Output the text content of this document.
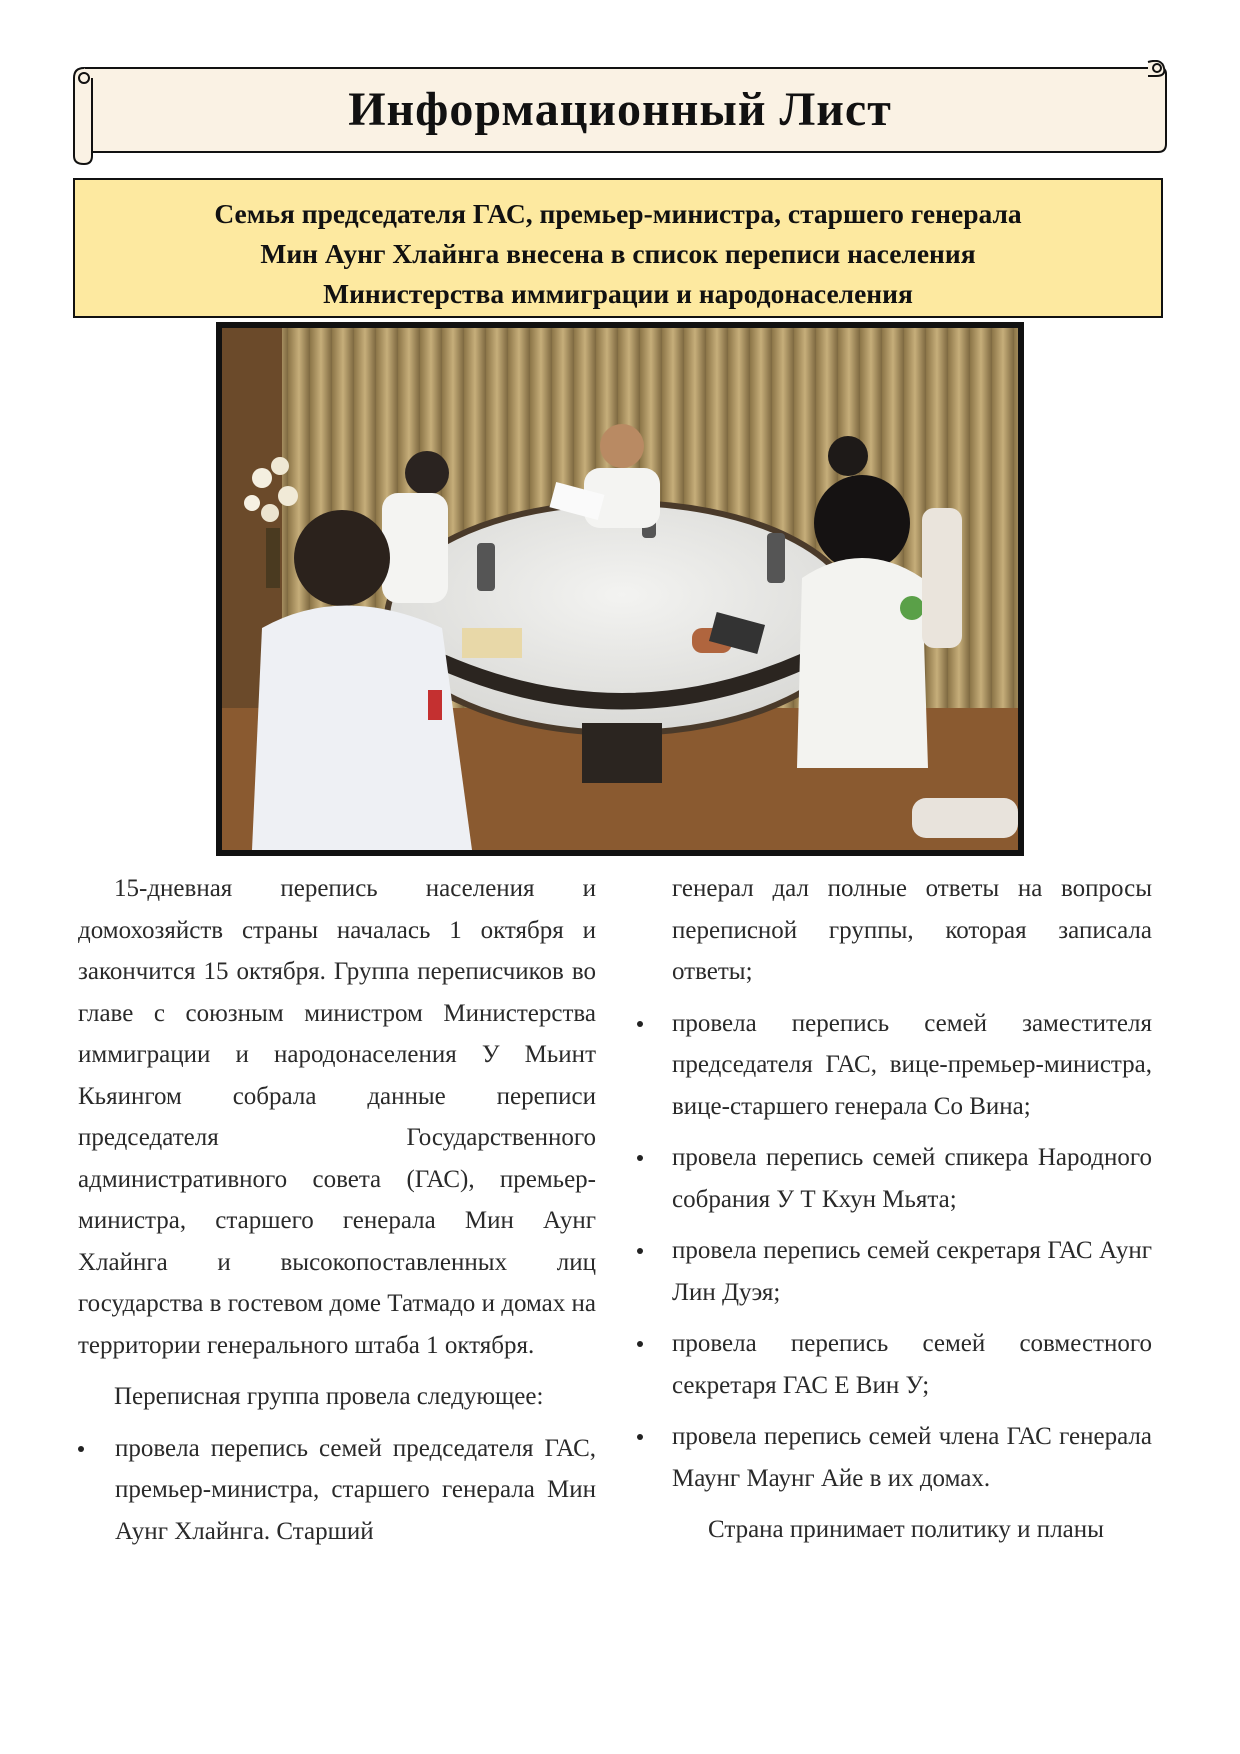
Информационный Лист
Семья председателя ГАС, премьер-министра, старшего генерала
Мин Аунг Хлайнга внесена в список переписи населения
Министерства иммиграции и народонаселения

15-дневная перепись населения и домохозяйств страны началась 1 октября и закончится 15 октября. Группа переписчиков во главе с союзным министром Министерства иммиграции и народонаселения У Мьинт Кьяингом собрала данные переписи председателя Государственного административного совета (ГАС), премьер-министра, старшего генерала Мин Аунг Хлайнга и высокопоставленных лиц государства в гостевом доме Татмадо и домах на территории генерального штаба 1 октября.

Переписная группа провела следующее:

провела перепись семей председателя ГАС, премьер-министра, старшего генерала Мин Аунг Хлайнга. Старший

генерал дал полные ответы на вопросы переписной группы, которая записала ответы;

провела перепись семей заместителя председателя ГАС, вице-премьер-министра, вице-старшего генерала Со Вина;
провела перепись семей спикера Народного собрания У Т Кхун Мьята;
провела перепись семей секретаря ГАС Аунг Лин Дуэя;
провела перепись семей совместного секретаря ГАС Е Вин У;
провела перепись семей члена ГАС генерала Маунг Маунг Айе в их домах.

Страна принимает политику и планы
